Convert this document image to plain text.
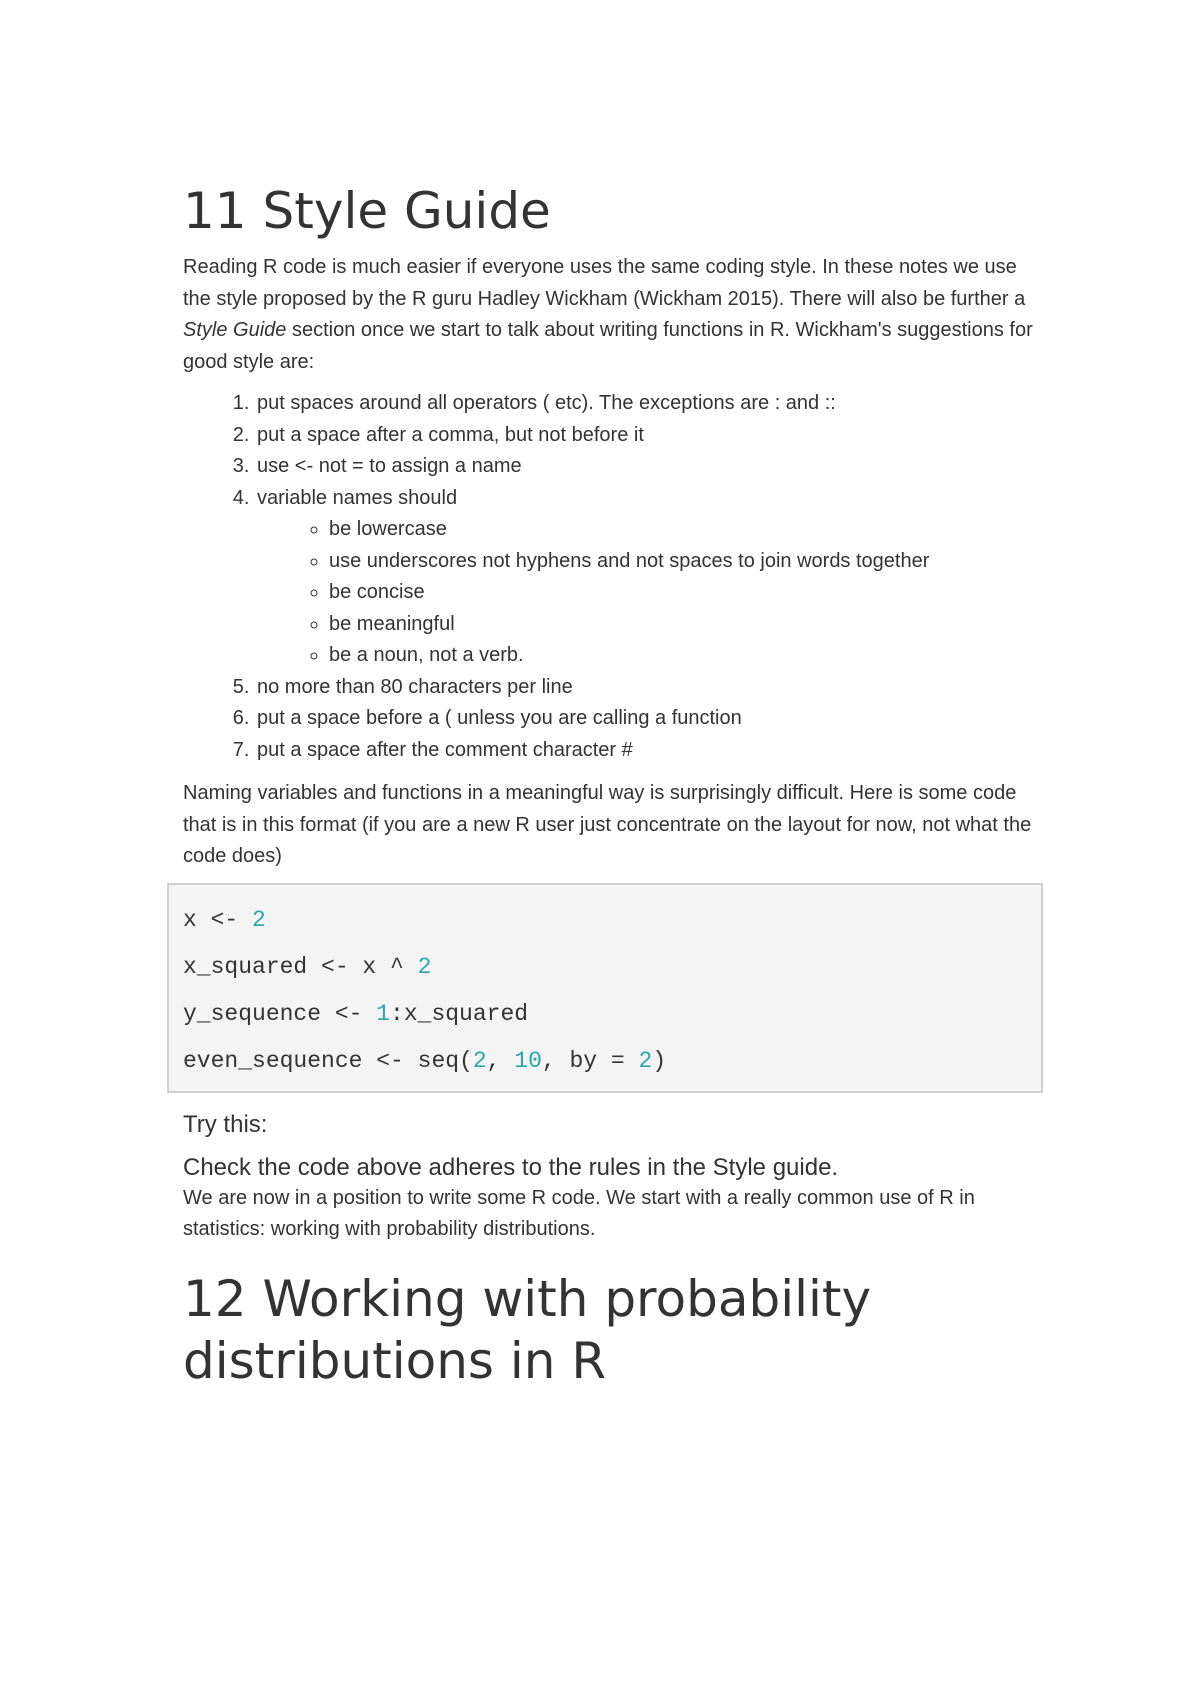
11 Style Guide

Reading R code is much easier if everyone uses the same coding style. In these notes we use the style proposed by the R guru Hadley Wickham (Wickham 2015). There will also be further a Style Guide section once we start to talk about writing functions in R. Wickham's suggestions for good style are:

1. put spaces around all operators ( etc). The exceptions are : and ::
2. put a space after a comma, but not before it
3. use <- not = to assign a name
4. variable names should
◦ be lowercase
◦ use underscores not hyphens and not spaces to join words together
◦ be concise
◦ be meaningful
◦ be a noun, not a verb.
5. no more than 80 characters per line
6. put a space before a ( unless you are calling a function
7. put a space after the comment character #

Naming variables and functions in a meaningful way is surprisingly difficult. Here is some code that is in this format (if you are a new R user just concentrate on the layout for now, not what the code does)

x <- 2
x_squared <- x ^ 2
y_sequence <- 1:x_squared
even_sequence <- seq(2, 10, by = 2)
Try this:
Check the code above adheres to the rules in the Style guide.

We are now in a position to write some R code. We start with a really common use of R in statistics: working with probability distributions.

12 Working with probability distributions in R
